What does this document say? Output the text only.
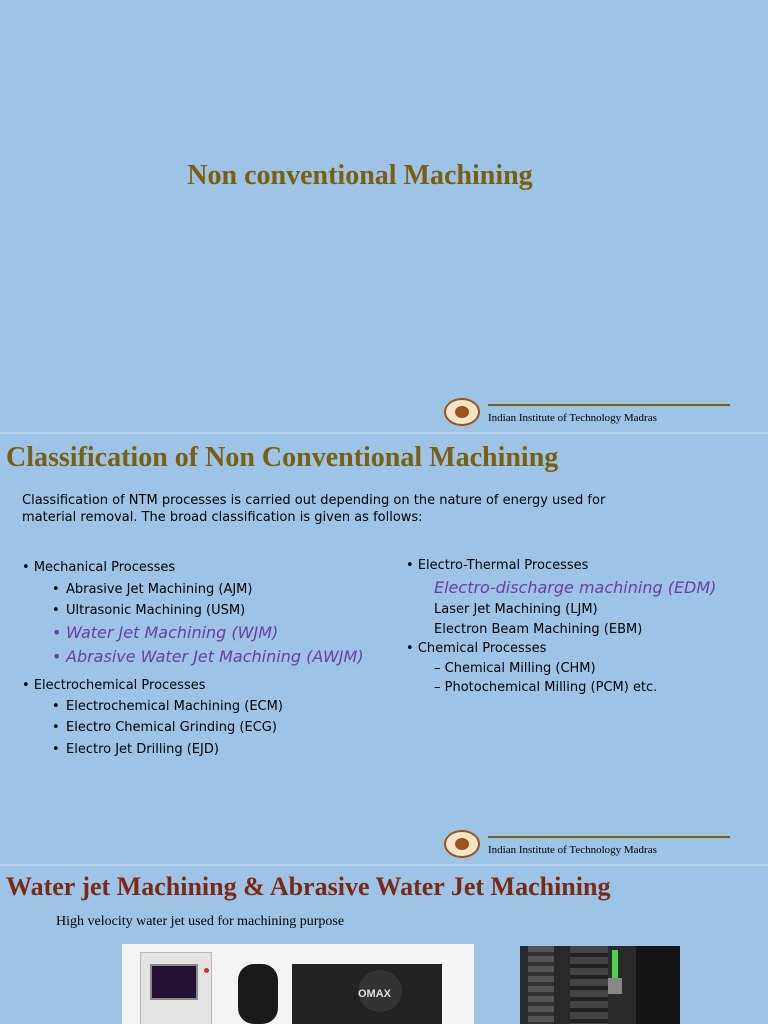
Non conventional Machining
Indian Institute of Technology Madras
Classification of Non Conventional Machining
Classification of NTM processes is carried out depending on the nature of energy used for
material removal. The broad classification is given as follows:
• Mechanical Processes
• Abrasive Jet Machining (AJM)
• Ultrasonic Machining (USM)
• Water Jet Machining (WJM)
• Abrasive Water Jet Machining (AWJM)
• Electrochemical Processes
• Electrochemical Machining (ECM)
• Electro Chemical Grinding (ECG)
• Electro Jet Drilling (EJD)
• Electro-Thermal Processes
Electro-discharge machining (EDM)
Laser Jet Machining (LJM)
Electron Beam Machining (EBM)
• Chemical Processes
– Chemical Milling (CHM)
– Photochemical Milling (PCM) etc.
Indian Institute of Technology Madras
Water jet Machining & Abrasive Water Jet Machining
High velocity water jet used for machining purpose
OMAX
